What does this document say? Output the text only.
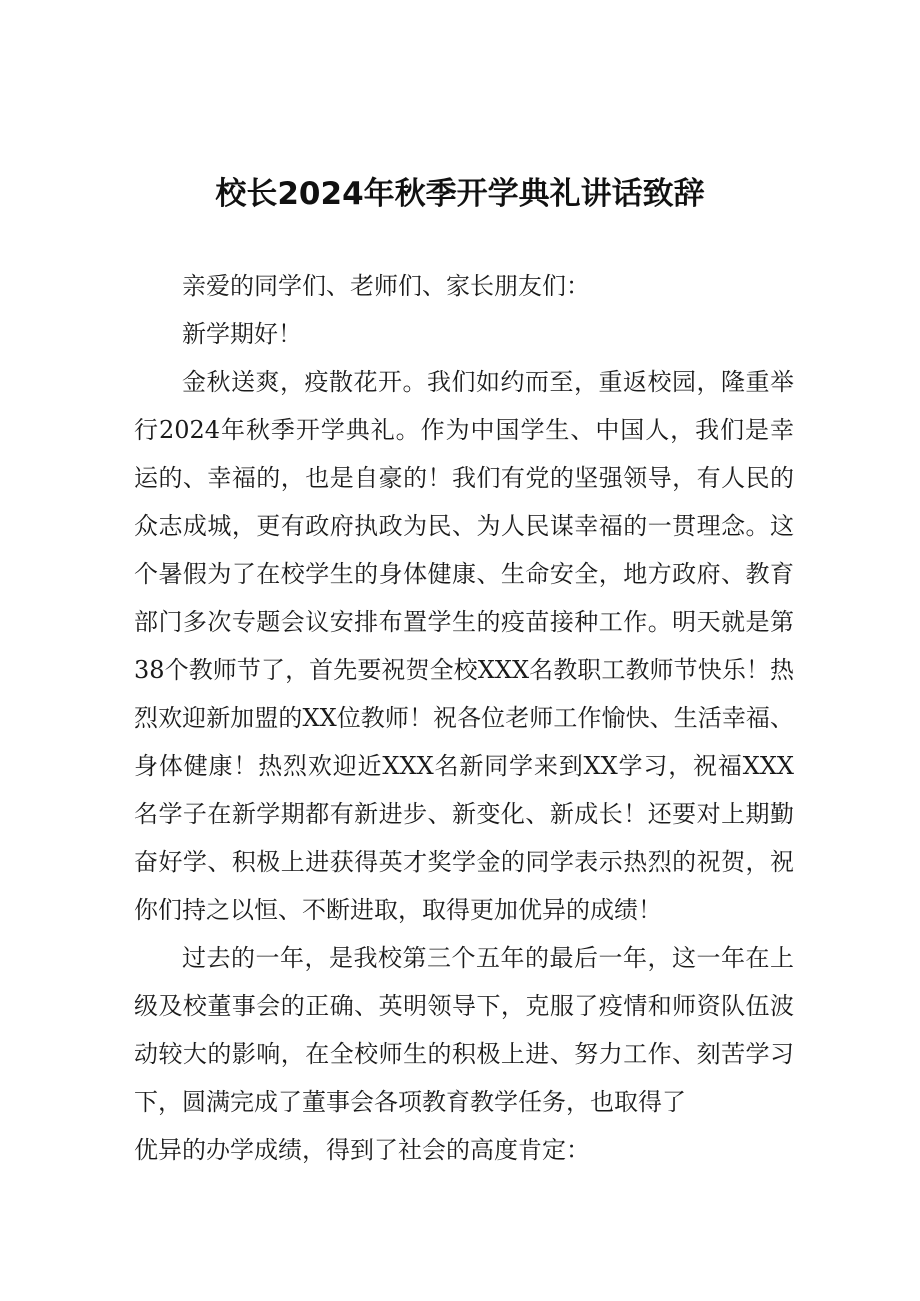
校长2024年秋季开学典礼讲话致辞

亲爱的同学们、老师们、家长朋友们：

新学期好！

金秋送爽，疫散花开。我们如约而至，重返校园，隆重举行2024年秋季开学典礼。作为中国学生、中国人，我们是幸运的、幸福的，也是自豪的！我们有党的坚强领导，有人民的众志成城，更有政府执政为民、为人民谋幸福的一贯理念。这个暑假为了在校学生的身体健康、生命安全，地方政府、教育部门多次专题会议安排布置学生的疫苗接种工作。明天就是第38个教师节了，首先要祝贺全校XXX名教职工教师节快乐！热烈欢迎新加盟的XX位教师！祝各位老师工作愉快、生活幸福、身体健康！热烈欢迎近XXX名新同学来到XX学习，祝福XXX名学子在新学期都有新进步、新变化、新成长！还要对上期勤奋好学、积极上进获得英才奖学金的同学表示热烈的祝贺，祝你们持之以恒、不断进取，取得更加优异的成绩！

过去的一年，是我校第三个五年的最后一年，这一年在上级及校董事会的正确、英明领导下，克服了疫情和师资队伍波动较大的影响，在全校师生的积极上进、努力工作、刻苦学习下，圆满完成了董事会各项教育教学任务，也取得了

优异的办学成绩，得到了社会的高度肯定：
